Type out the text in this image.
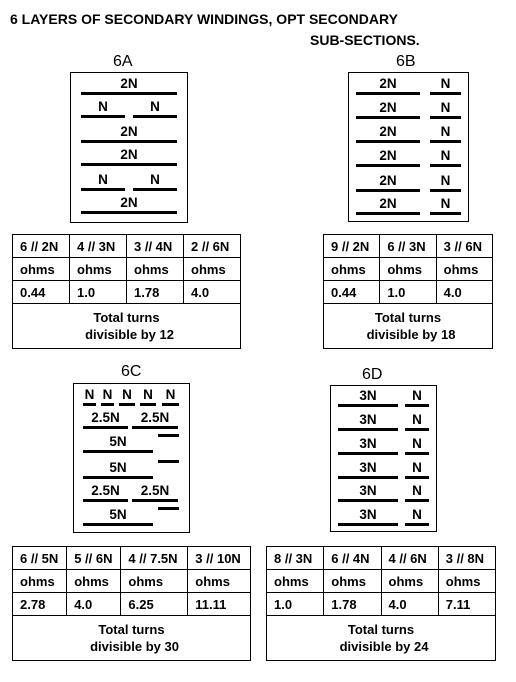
6 LAYERS OF SECONDARY WINDINGS, OPT SECONDARY
SUB-SECTIONS.
6A
2N
N	N
2N
2N
N	N
2N
6 // 2N	4 // 3N	3 // 4N	2 // 6N
ohms	ohms	ohms	ohms
0.44	1.0	1.78	4.0
Total turns
divisible by 12			
6B
2N	N
2N	N
2N	N
2N	N
2N	N
2N	N
9 // 2N	6 // 3N	3 // 6N
ohms	ohms	ohms
0.44	1.0	4.0
Total turns
divisible by 18		
6C
N N N N N
2.5N	2.5N
5N
5N
2.5N	2.5N
5N
6 // 5N	5 // 6N	4 // 7.5N	3 // 10N
ohms	ohms	ohms	ohms
2.78	4.0	6.25	11.11
Total turns
divisible by 30			
6D
3N	N
3N	N
3N	N
3N	N
3N	N
3N	N
8 // 3N	6 // 4N	4 // 6N	3 // 8N
ohms	ohms	ohms	ohms
1.0	1.78	4.0	7.11
Total turns
divisible by 24			
